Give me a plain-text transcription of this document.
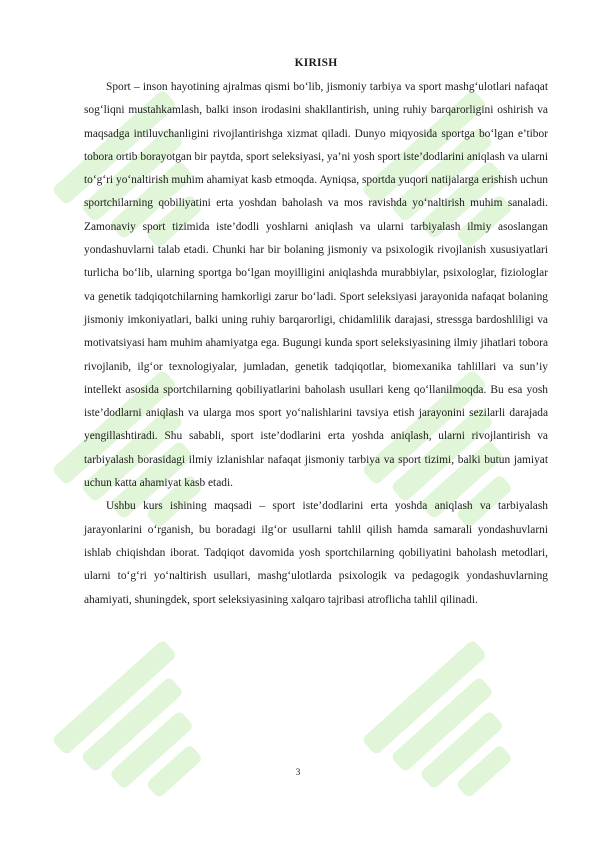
KIRISH

Sport – inson hayotining ajralmas qismi bo‘lib, jismoniy tarbiya va sport mashg‘ulotlari nafaqat sog‘liqni mustahkamlash, balki inson irodasini shakllantirish, uning ruhiy barqarorligini oshirish va maqsadga intiluvchanligini rivojlantirishga xizmat qiladi. Dunyo miqyosida sportga bo‘lgan e’tibor tobora ortib borayotgan bir paytda, sport seleksiyasi, ya’ni yosh sport iste’dodlarini aniqlash va ularni to‘g‘ri yo‘naltirish muhim ahamiyat kasb etmoqda. Ayniqsa, sportda yuqori natijalarga erishish uchun sportchilarning qobiliyatini erta yoshdan baholash va mos ravishda yo‘naltirish muhim sanaladi. Zamonaviy sport tizimida iste’dodli yoshlarni aniqlash va ularni tarbiyalash ilmiy asoslangan yondashuvlarni talab etadi. Chunki har bir bolaning jismoniy va psixologik rivojlanish xususiyatlari turlicha bo‘lib, ularning sportga bo‘lgan moyilligini aniqlashda murabbiylar, psixologlar, fiziologlar va genetik tadqiqotchilarning hamkorligi zarur bo‘ladi. Sport seleksiyasi jarayonida nafaqat bolaning jismoniy imkoniyatlari, balki uning ruhiy barqarorligi, chidamlilik darajasi, stressga bardoshliligi va motivatsiyasi ham muhim ahamiyatga ega. Bugungi kunda sport seleksiyasining ilmiy jihatlari tobora rivojlanib, ilg‘or texnologiyalar, jumladan, genetik tadqiqotlar, biomexanika tahlillari va sun’iy intellekt asosida sportchilarning qobiliyatlarini baholash usullari keng qo‘llanilmoqda. Bu esa yosh iste’dodlarni aniqlash va ularga mos sport yo‘nalishlarini tavsiya etish jarayonini sezilarli darajada yengillashtiradi. Shu sababli, sport iste’dodlarini erta yoshda aniqlash, ularni rivojlantirish va tarbiyalash borasidagi ilmiy izlanishlar nafaqat jismoniy tarbiya va sport tizimi, balki butun jamiyat uchun katta ahamiyat kasb etadi.

Ushbu kurs ishining maqsadi – sport iste’dodlarini erta yoshda aniqlash va tarbiyalash jarayonlarini o‘rganish, bu boradagi ilg‘or usullarni tahlil qilish hamda samarali yondashuvlarni ishlab chiqishdan iborat. Tadqiqot davomida yosh sportchilarning qobiliyatini baholash metodlari, ularni to‘g‘ri yo‘naltirish usullari, mashg‘ulotlarda psixologik va pedagogik yondashuvlarning ahamiyati, shuningdek, sport seleksiyasining xalqaro tajribasi atroflicha tahlil qilinadi.

3
